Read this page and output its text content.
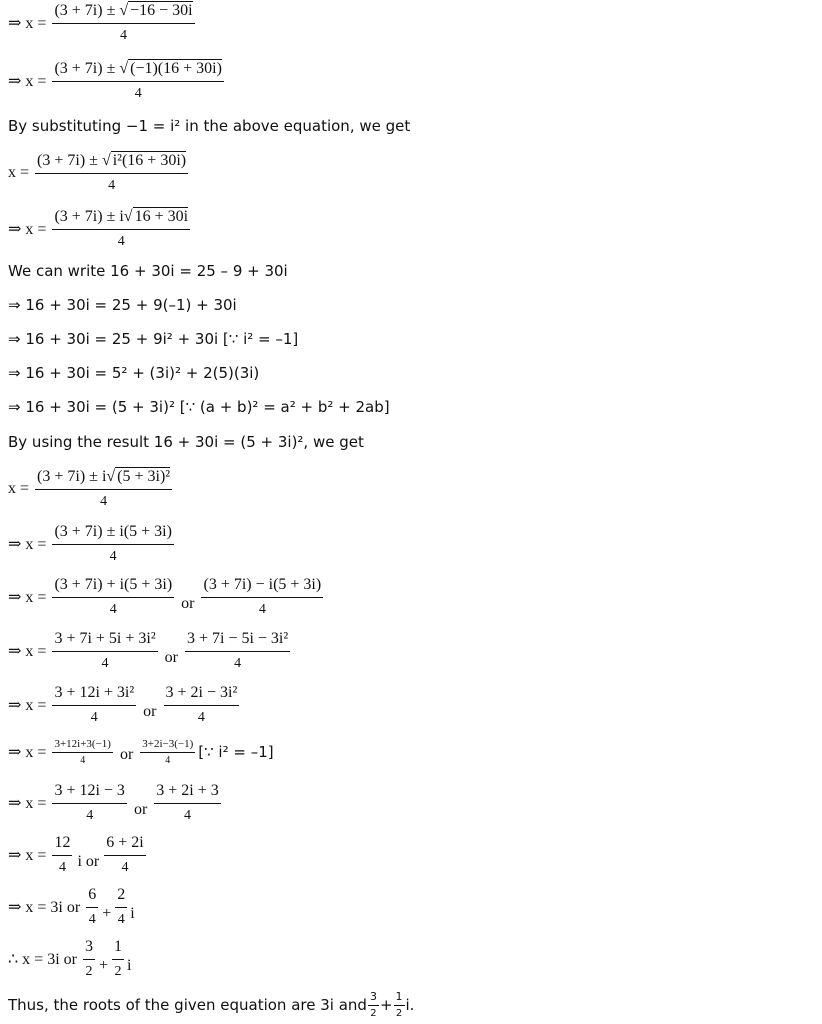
⇒ $x = \frac{(3 + 7i) \pm √ -16 - 30i}{4}$
⇒ $x = \frac{(3 + 7i) \pm √ (-1)(16 + 30i)}{4}$
By substituting −1 = i² in the above equation, we get
$x = \frac{\text{(3 + 7i) ± √ i²(16 + 30i)}}{4}$
⇒ $x = \frac{(3 + 7i) \pm i√ 16 + 30i}{4}$
We can write 16 + 30i = 25 – 9 + 30i
⇒ 16 + 30i = 25 + 9(–1) + 30i
⇒ 16 + 30i = 25 + 9i² + 30i [∵ i² = –1]
⇒ 16 + 30i = 5² + (3i)² + 2(5)(3i)
⇒ 16 + 30i = (5 + 3i)² [∵ (a + b)² = a² + b² + 2ab]
By using the result 16 + 30i = (5 + 3i)², we get
$x = \frac{\text{(3 + 7i) ± i√ (5 + 3i)²}}{4}$
⇒ $x = \frac{(3 + 7i) \pm i(5 + 3i)}{4}$
⇒ $x = \frac{(3 + 7i) + i(5 + 3i)}{4}$ or $\frac{(3 + 7i) - i(5 + 3i)}{4}$
⇒ $x = \frac{\text{3 + 7i + 5i + 3i²}}{4}$ or $\frac{\text{3 + 7i − 5i − 3i²}}{4}$
⇒ $x = \frac{\text{3 + 12i + 3i²}}{4}$ or $\frac{\text{3 + 2i − 3i²}}{4}$
⇒ $x = \frac{3+12i+3(-1)}{4}$ or $\frac{3+2i-3(-1)}{4}$ [∵ i² = –1]
⇒ $x = \frac{3 + 12i - 3}{4}$ or $\frac{3 + 2i + 3}{4}$
⇒ $x = \frac{12}{4}$ i or $\frac{6 + 2i}{4}$
⇒ x = 3i or $\frac{6}{4} + \frac{2}{4}$ i
∴ x = 3i or $\frac{3}{2} + \frac{1}{2}$ i
Thus, the roots of the given equation are 3i and $\frac{3}{2} + \frac{1}{2} i$.
